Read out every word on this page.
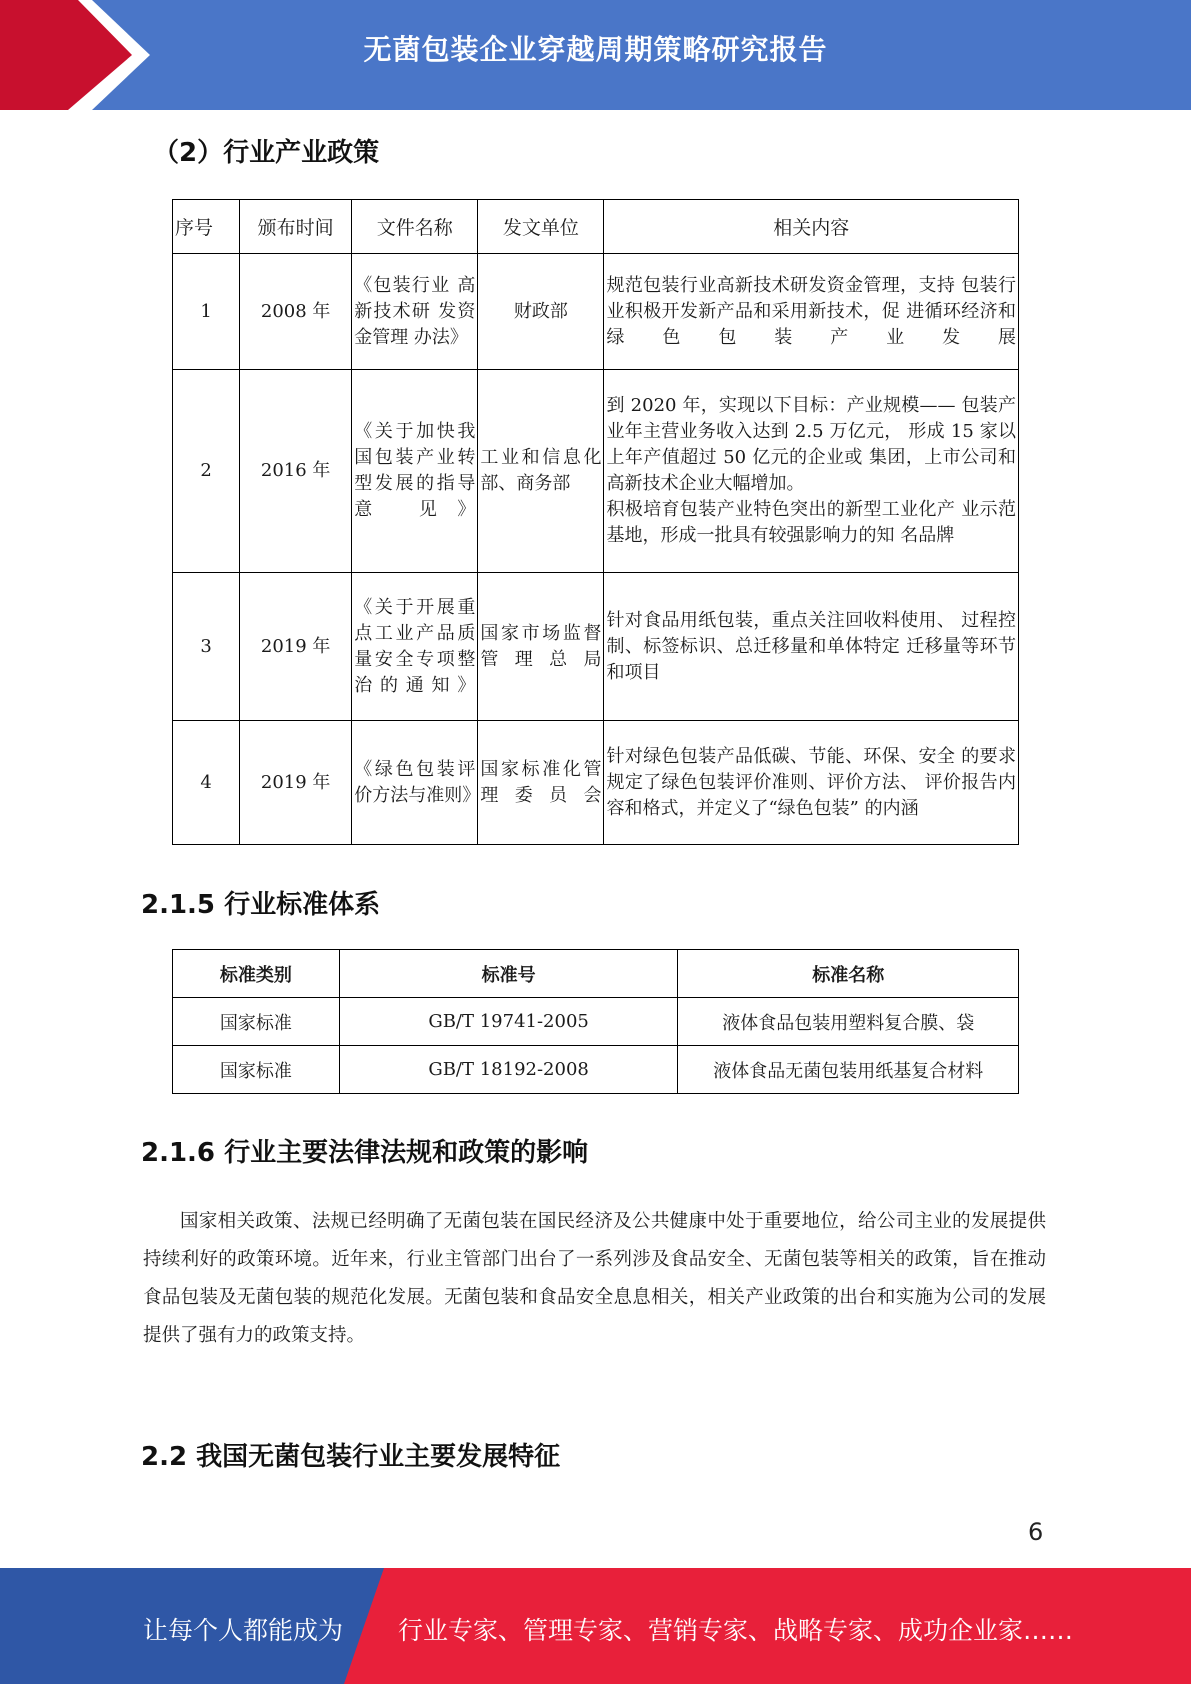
无菌包装企业穿越周期策略研究报告
（2）行业产业政策
序号	颁布时间	文件名称	发文单位	相关内容
1	2008 年	《包装行业 高新技术研 发资金管理 办法》	财政部	规范包装行业高新技术研发资金管理，支持 包装行业积极开发新产品和采用新技术，促 进循环经济和绿色包装产业发展
2	2016 年	《关于加快我国包装产业转型发展的指导意 见》	工业和信息化部、商务部	到 2020 年，实现以下目标：产业规模—— 包装产业年主营业务收入达到 2.5 万亿元， 形成 15 家以上年产值超过 50 亿元的企业或 集团，上市公司和高新技术企业大幅增加。
积极培育包装产业特色突出的新型工业化产 业示范基地，形成一批具有较强影响力的知 名品牌

3	2019 年	《关于开展重点工业产品质量安全专项整治的通知》	国家市场监督管理总局	针对食品用纸包装，重点关注回收料使用、 过程控制、标签标识、总迁移量和单体特定 迁移量等环节和项目
4	2019 年	《绿色包装评价方法与准则》	国家标准化管理委员会	针对绿色包装产品低碳、节能、环保、安全 的要求规定了绿色包装评价准则、评价方法、 评价报告内容和格式，并定义了“绿色包装” 的内涵
2.1.5 行业标准体系
标准类别	标准号	标准名称
国家标准	GB/T 19741-2005	液体食品包装用塑料复合膜、袋
国家标准	GB/T 18192-2008	液体食品无菌包装用纸基复合材料
2.1.6 行业主要法律法规和政策的影响

国家相关政策、法规已经明确了无菌包装在国民经济及公共健康中处于重要地位，给公司主业的发展提供持续利好的政策环境。近年来，行业主管部门出台了一系列涉及食品安全、无菌包装等相关的政策，旨在推动食品包装及无菌包装的规范化发展。无菌包装和食品安全息息相关，相关产业政策的出台和实施为公司的发展提供了强有力的政策支持。

2.2 我国无菌包装行业主要发展特征
6
让每个人都能成为 行业专家、管理专家、营销专家、战略专家、成功企业家……
